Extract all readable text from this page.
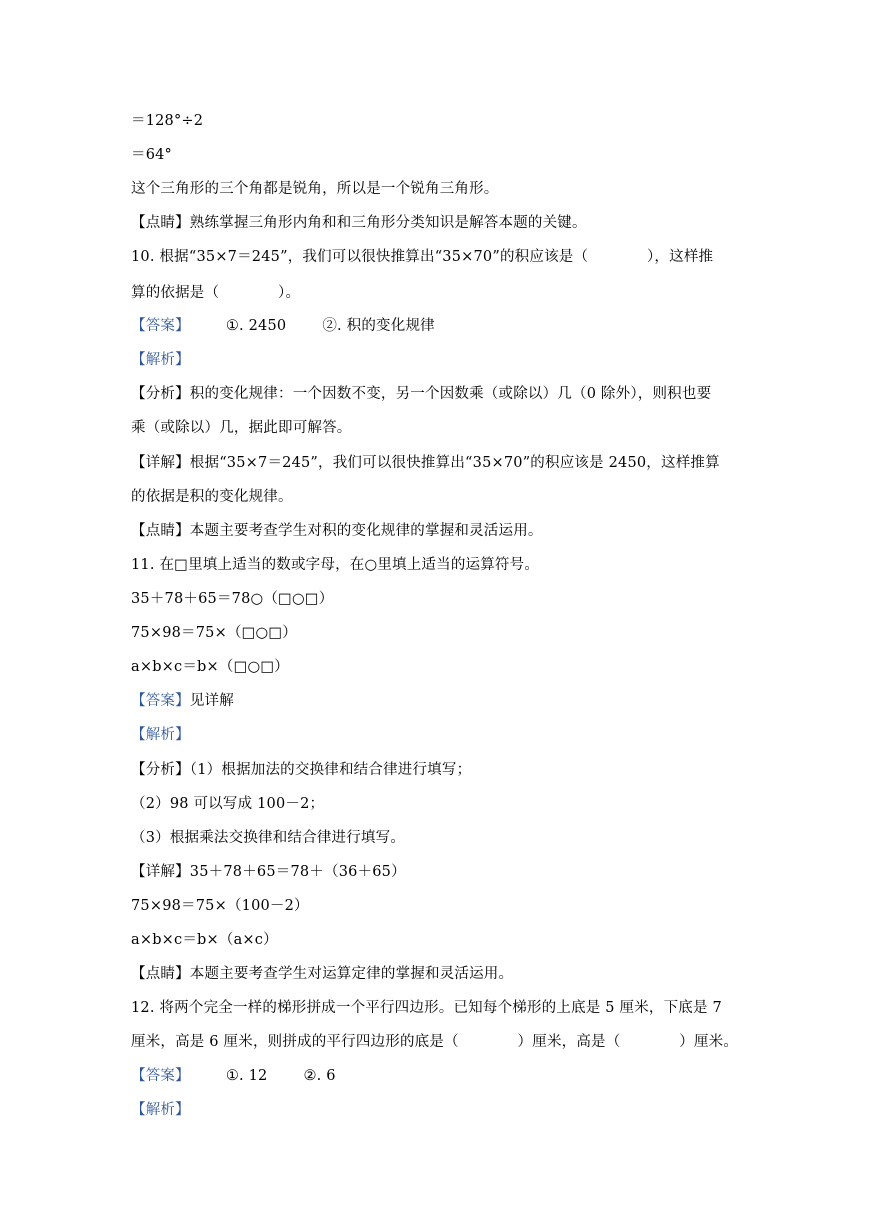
＝128°÷2
＝64°
这个三角形的三个角都是锐角，所以是一个锐角三角形。
【点睛】熟练掌握三角形内角和和三角形分类知识是解答本题的关键。
10. 根据“35×7＝245”，我们可以很快推算出“35×70”的积应该是（　　　　），这样推
算的依据是（　　　　）。
【答案】 ①. 2450 ②. 积的变化规律
【解析】
【分析】积的变化规律：一个因数不变，另一个因数乘（或除以）几（0 除外），则积也要
乘（或除以）几，据此即可解答。
【详解】根据“35×7＝245”，我们可以很快推算出“35×70”的积应该是 2450，这样推算
的依据是积的变化规律。
【点睛】本题主要考查学生对积的变化规律的掌握和灵活运用。
11. 在□里填上适当的数或字母，在○里填上适当的运算符号。
35＋78＋65＝78○（□○□）
75×98＝75×（□○□）
a×b×c＝b×（□○□）
【答案】见详解
【解析】
【分析】（1）根据加法的交换律和结合律进行填写；
（2）98 可以写成 100－2；
（3）根据乘法交换律和结合律进行填写。
【详解】35＋78＋65＝78＋（36＋65）
75×98＝75×（100－2）
a×b×c＝b×（a×c）
【点睛】本题主要考查学生对运算定律的掌握和灵活运用。
12. 将两个完全一样的梯形拼成一个平行四边形。已知每个梯形的上底是 5 厘米，下底是 7
厘米，高是 6 厘米，则拼成的平行四边形的底是（　　　　）厘米，高是（　　　　）厘米。
【答案】 ①. 12 ②. 6
【解析】
